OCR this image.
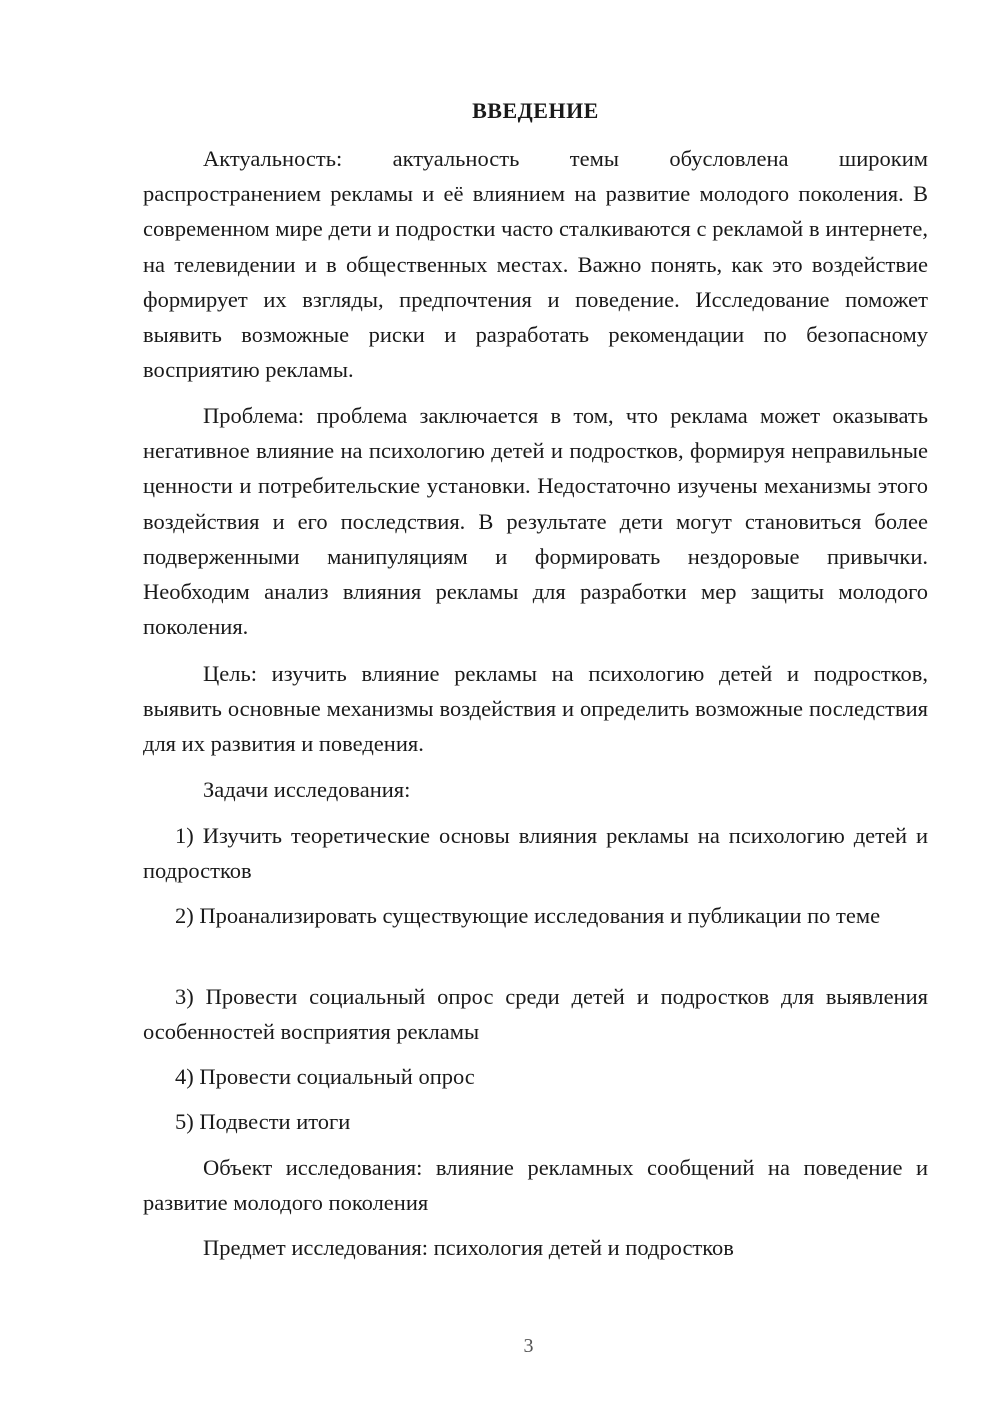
ВВЕДЕНИЕ

Актуальность: актуальность темы обусловлена широким распространением рекламы и её влиянием на развитие молодого поколения. В современном мире дети и подростки часто сталкиваются с рекламой в интернете, на телевидении и в общественных местах. Важно понять, как это воздействие формирует их взгляды, предпочтения и поведение. Исследование поможет выявить возможные риски и разработать рекомендации по безопасному восприятию рекламы.

Проблема: проблема заключается в том, что реклама может оказывать негативное влияние на психологию детей и подростков, формируя неправильные ценности и потребительские установки. Недостаточно изучены механизмы этого воздействия и его последствия. В результате дети могут становиться более подверженными манипуляциям и формировать нездоровые привычки. Необходим анализ влияния рекламы для разработки мер защиты молодого поколения.

Цель: изучить влияние рекламы на психологию детей и подростков, выявить основные механизмы воздействия и определить возможные последствия для их развития и поведения.

Задачи исследования:

1) Изучить теоретические основы влияния рекламы на психологию детей и подростков

2) Проанализировать существующие исследования и публикации по теме

3) Провести социальный опрос среди детей и подростков для выявления особенностей восприятия рекламы

4) Провести социальный опрос

5) Подвести итоги

Объект исследования: влияние рекламных сообщений на поведение и развитие молодого поколения

Предмет исследования: психология детей и подростков

3
